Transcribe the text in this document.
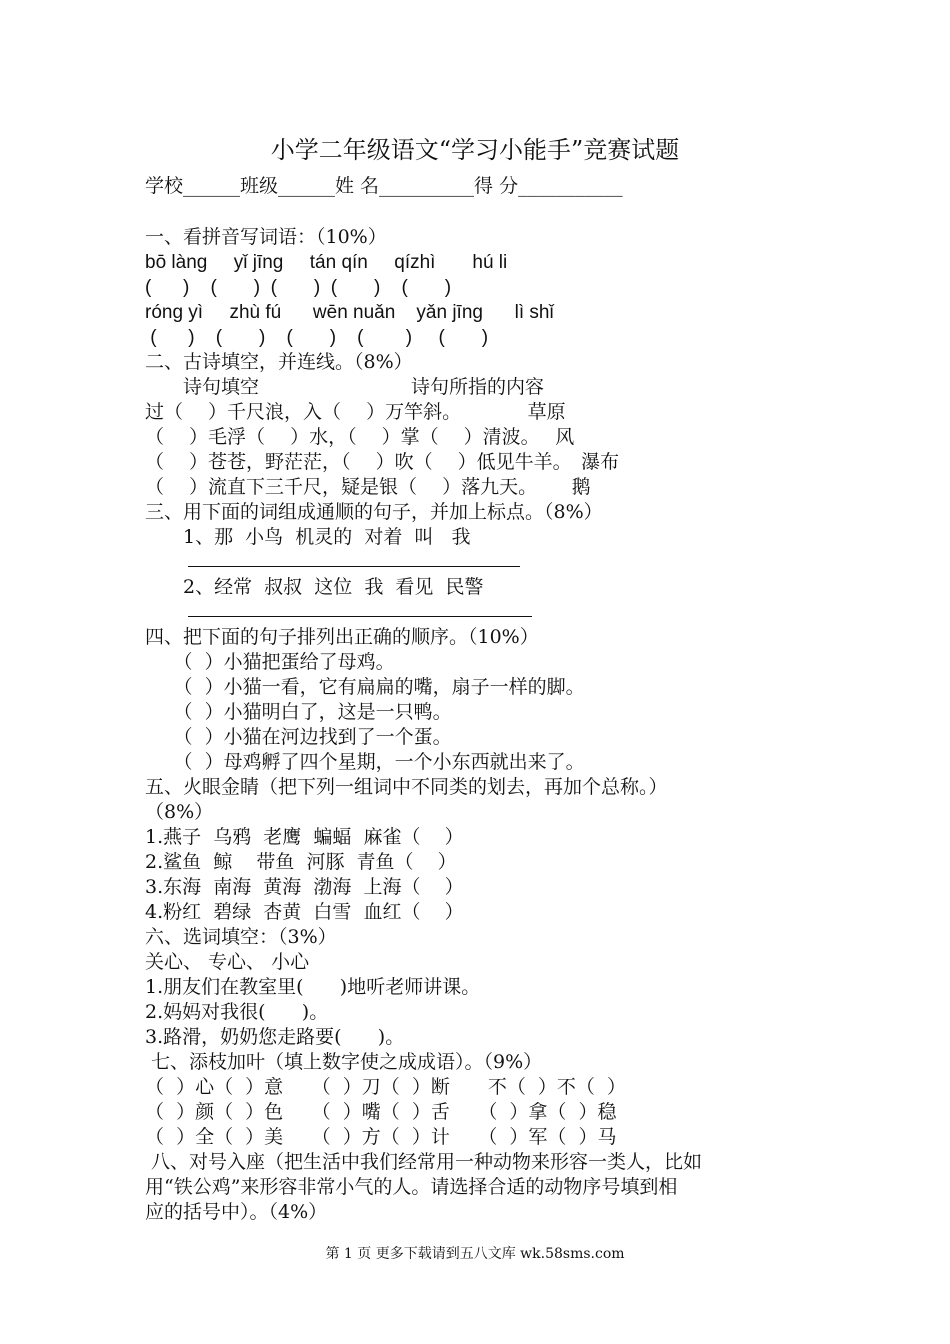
小学二年级语文“学习小能手”竞赛试题
学校______班级______姓 名__________得 分___________
一、看拼音写词语：（10%）
bō làng     yǐ jīng     tán qín     qízhì       hú li
(      )    (       )  (       )  (       )    (       )
róng yì     zhù fú      wēn nuǎn    yǎn jīng      lì shǐ
(      )    (       )    (       )    (        )     (       )
二、古诗填空，并连线。（8%）
　　诗句填空　　　　　　　　诗句所指的内容
过（　 ）千尺浪，入（　 ）万竿斜。　　　　草原
（　 ）毛浮（　 ）水，（　 ）掌（　 ）清波。　 风
（　 ）苍苍，野茫茫，（　 ）吹（　 ）低见牛羊。　瀑布
（　 ）流直下三千尺，疑是银（　 ）落九天。　　 鹅
三、用下面的词组成通顺的句子，并加上标点。（8%）
　　1、那  小鸟  机灵的  对着  叫   我
　　2、经常  叔叔  这位  我  看见  民警
四、把下面的句子排列出正确的顺序。（10%）
　　（  ）小猫把蛋给了母鸡。
　　（  ）小猫一看，它有扁扁的嘴，扇子一样的脚。
　　（  ）小猫明白了，这是一只鸭。
　　（  ）小猫在河边找到了一个蛋。
　　（  ）母鸡孵了四个星期，一个小东西就出来了。
五、火眼金睛（把下列一组词中不同类的划去，再加个总称。）
（8%）
1.燕子  乌鸦  老鹰  蝙蝠  麻雀（    ）
2.鲨鱼  鲸    带鱼  河豚  青鱼（    ）
3.东海  南海  黄海  渤海  上海（    ）
4.粉红  碧绿  杏黄  白雪  血红（    ）
六、选词填空：（3%）
关心、 专心、 小心
1.朋友们在教室里(      )地听老师讲课。
2.妈妈对我很(      )。
3.路滑，奶奶您走路要(      )。
七、添枝加叶（填上数字使之成成语）。（9%）
（  ）心（  ）意　　（  ）刀（  ）断　　不（  ）不（  ）
（  ）颜（  ）色　　（  ）嘴（  ）舌　　（  ）拿（  ）稳
（  ）全（  ）美　　（  ）方（  ）计　　（  ）军（  ）马
八、对号入座（把生活中我们经常用一种动物来形容一类人，比如
用“铁公鸡”来形容非常小气的人。请选择合适的动物序号填到相
应的括号中）。（4%）
第 1 页 更多下载请到五八文库 wk.58sms.com
